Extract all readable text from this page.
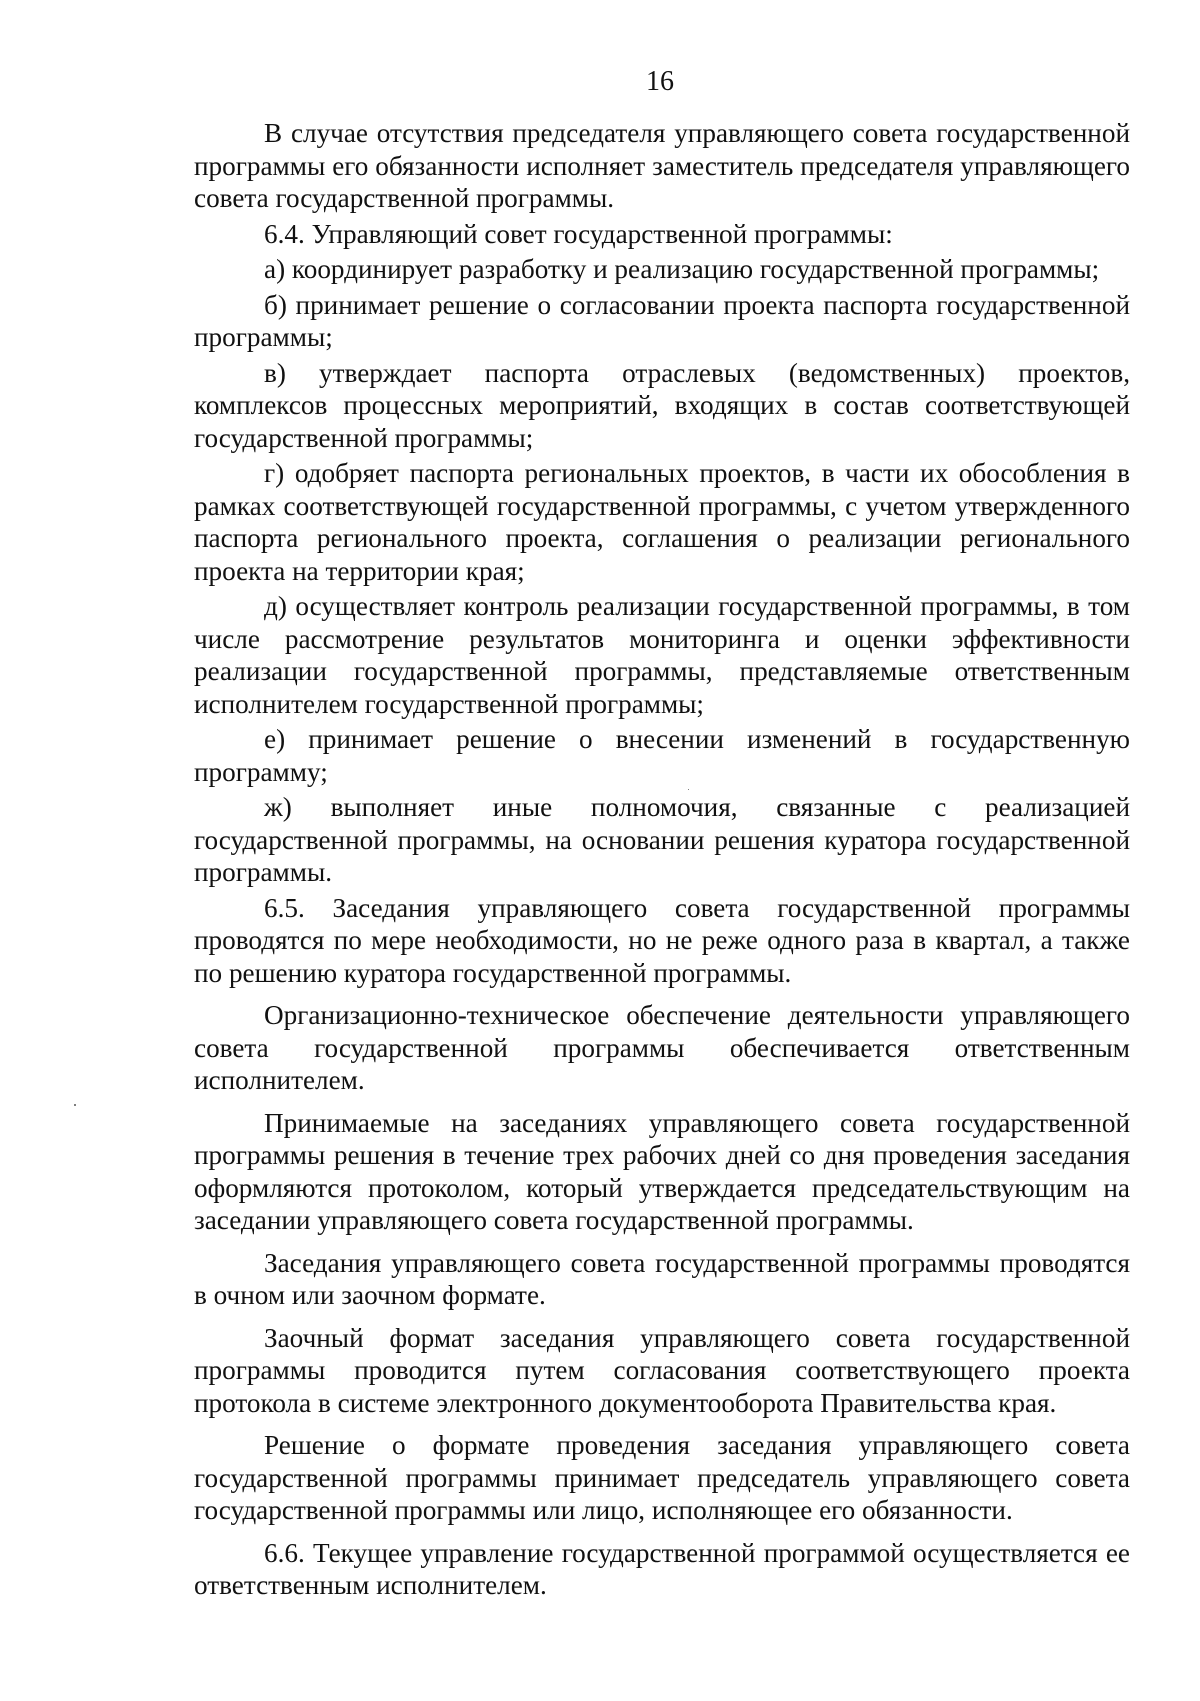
16

В случае отсутствия председателя управляющего совета государственной программы его обязанности исполняет заместитель председателя управляющего совета государственной программы.

6.4. Управляющий совет государственной программы:

а) координирует разработку и реализацию государственной программы;

б) принимает решение о согласовании проекта паспорта государственной программы;

в) утверждает паспорта отраслевых (ведомственных) проектов, комплексов процессных мероприятий, входящих в состав соответствующей государственной программы;

г) одобряет паспорта региональных проектов, в части их обособления в рамках соответствующей государственной программы, с учетом утвержденного паспорта регионального проекта, соглашения о реализации регионального проекта на территории края;

д) осуществляет контроль реализации государственной программы, в том числе рассмотрение результатов мониторинга и оценки эффективности реализации государственной программы, представляемые ответственным исполнителем государственной программы;

е) принимает решение о внесении изменений в государственную программу;

ж) выполняет иные полномочия, связанные с реализацией государственной программы, на основании решения куратора государственной программы.

6.5. Заседания управляющего совета государственной программы проводятся по мере необходимости, но не реже одного раза в квартал, а также по решению куратора государственной программы.

Организационно-техническое обеспечение деятельности управляющего совета государственной программы обеспечивается ответственным исполнителем.

Принимаемые на заседаниях управляющего совета государственной программы решения в течение трех рабочих дней со дня проведения заседания оформляются протоколом, который утверждается председательствующим на заседании управляющего совета государственной программы.

Заседания управляющего совета государственной программы проводятся в очном или заочном формате.

Заочный формат заседания управляющего совета государственной программы проводится путем согласования соответствующего проекта протокола в системе электронного документооборота Правительства края.

Решение о формате проведения заседания управляющего совета государственной программы принимает председатель управляющего совета государственной программы или лицо, исполняющее его обязанности.

6.6. Текущее управление государственной программой осуществляется ее ответственным исполнителем.
